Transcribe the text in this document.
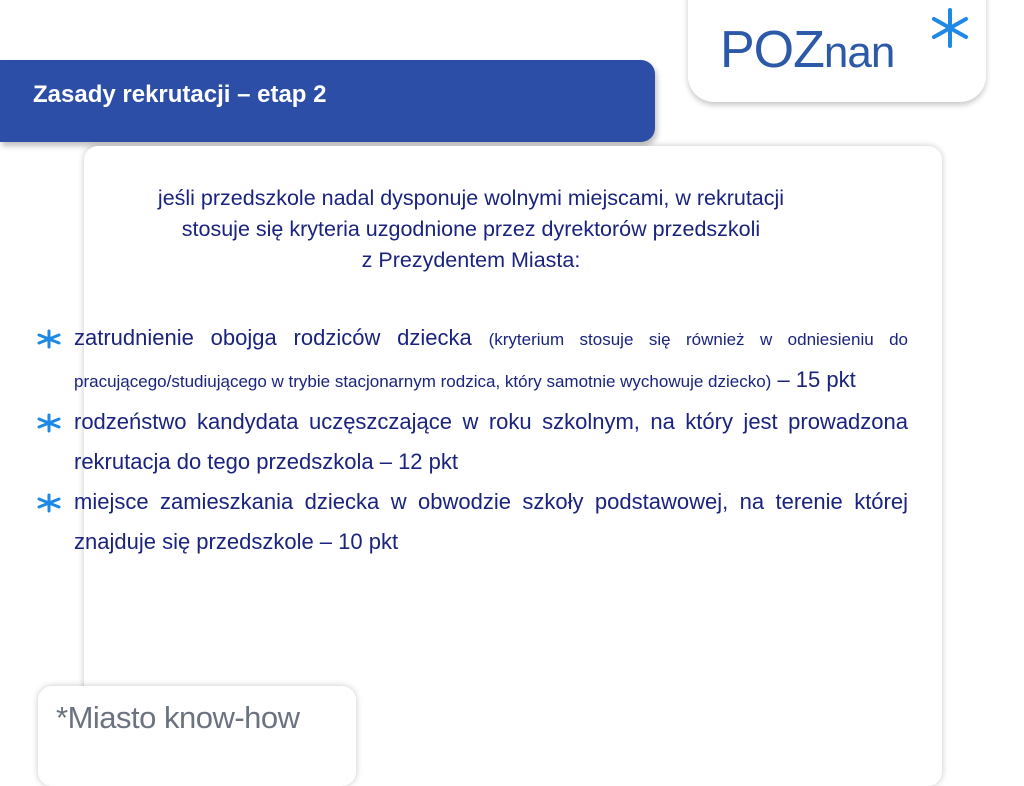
POZnan
Zasady rekrutacji – etap 2

jeśli przedszkole nadal dysponuje wolnymi miejscami, w rekrutacji
stosuje się kryteria uzgodnione przez dyrektorów przedszkoli
z Prezydentem Miasta:

zatrudnienie obojga rodziców dziecka (kryterium stosuje się również w odniesieniu do pracującego/studiującego w trybie stacjonarnym rodzica, który samotnie wychowuje dziecko) – 15 pkt
rodzeństwo kandydata uczęszczające w roku szkolnym, na który jest prowadzona rekrutacja do tego przedszkola – 12 pkt
miejsce zamieszkania dziecka w obwodzie szkoły podstawowej, na terenie której znajduje się przedszkole – 10 pkt
*Miasto know-how
